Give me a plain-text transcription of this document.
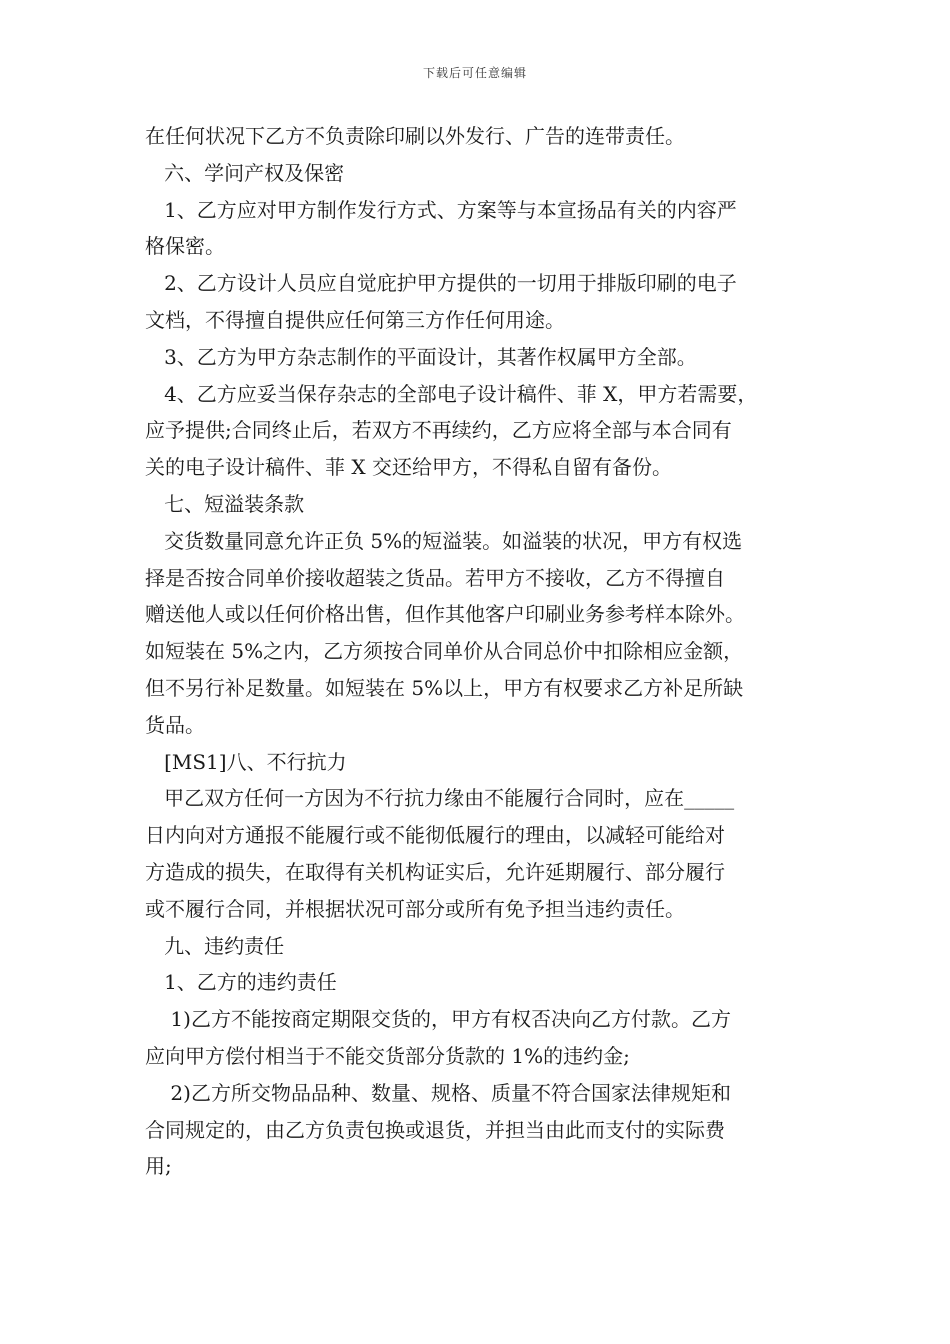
下载后可任意编辑
在任何状况下乙方不负责除印刷以外发行、广告的连带责任。
六、学问产权及保密
1、乙方应对甲方制作发行方式、方案等与本宣扬品有关的内容严
格保密。
2、乙方设计人员应自觉庇护甲方提供的一切用于排版印刷的电子
文档，不得擅自提供应任何第三方作任何用途。
3、乙方为甲方杂志制作的平面设计，其著作权属甲方全部。
4、乙方应妥当保存杂志的全部电子设计稿件、菲 X，甲方若需要，
应予提供;合同终止后，若双方不再续约，乙方应将全部与本合同有
关的电子设计稿件、菲 X 交还给甲方，不得私自留有备份。
七、短溢装条款
交货数量同意允许正负 5%的短溢装。如溢装的状况，甲方有权选
择是否按合同单价接收超装之货品。若甲方不接收，乙方不得擅自
赠送他人或以任何价格出售，但作其他客户印刷业务参考样本除外。
如短装在 5%之内，乙方须按合同单价从合同总价中扣除相应金额，
但不另行补足数量。如短装在 5%以上，甲方有权要求乙方补足所缺
货品。
[MS1]八、不行抗力
甲乙双方任何一方因为不行抗力缘由不能履行合同时，应在_____
日内向对方通报不能履行或不能彻低履行的理由，以减轻可能给对
方造成的损失，在取得有关机构证实后，允许延期履行、部分履行
或不履行合同，并根据状况可部分或所有免予担当违约责任。
九、违约责任
1、乙方的违约责任
1)乙方不能按商定期限交货的，甲方有权否决向乙方付款。乙方
应向甲方偿付相当于不能交货部分货款的 1%的违约金;
2)乙方所交物品品种、数量、规格、质量不符合国家法律规矩和
合同规定的，由乙方负责包换或退货，并担当由此而支付的实际费
用;
